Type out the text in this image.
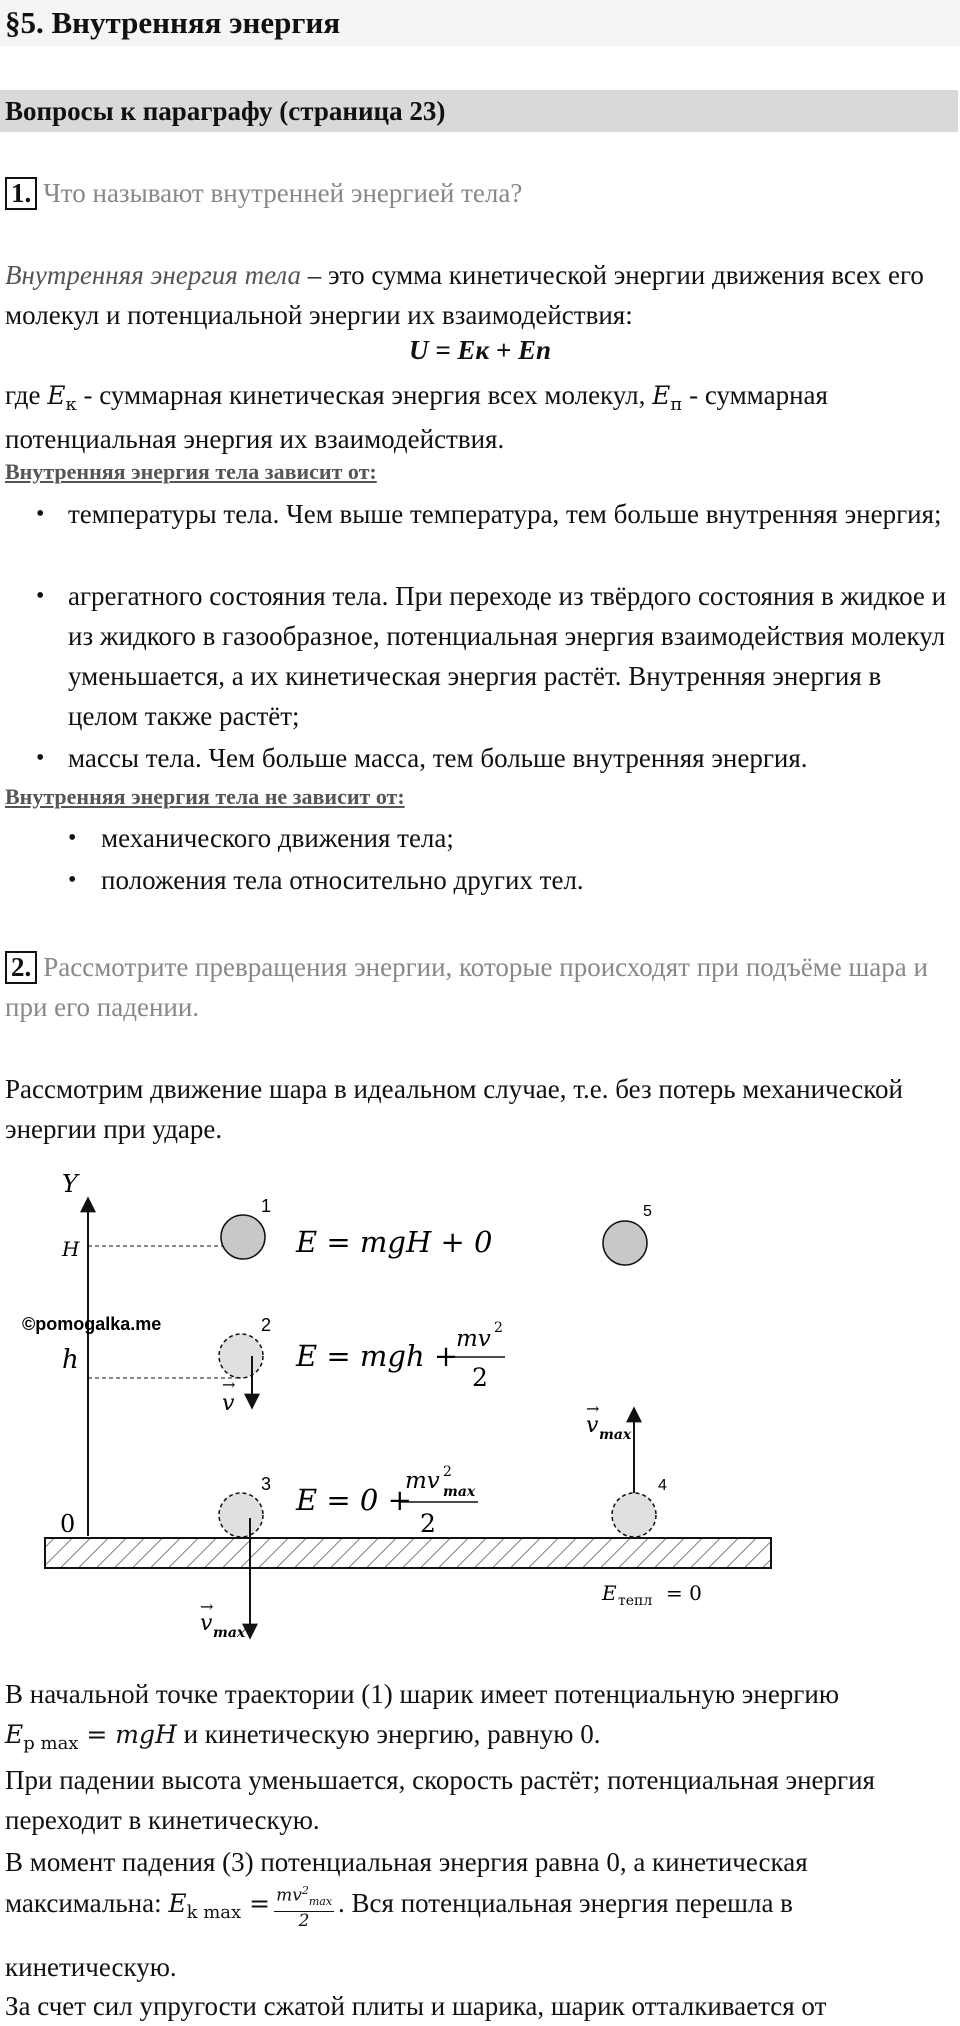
§5. Внутренняя энергия
Вопросы к параграфу (страница 23)
1. Что называют внутренней энергией тела?
Внутренняя энергия тела – это сумма кинетической энергии движения всех его молекул и потенциальной энергии их взаимодействия:
U = Eк + Eп
где $E_к$ - суммарная кинетическая энергия всех молекул, $E_п$ - суммарная потенциальная энергия их взаимодействия.
Внутренняя энергия тела зависит от:
• температуры тела. Чем выше температура, тем больше внутренняя энергия;
• агрегатного состояния тела. При переходе из твёрдого состояния в жидкое и из жидкого в газообразное, потенциальная энергия взаимодействия молекул уменьшается, а их кинетическая энергия растёт. Внутренняя энергия в целом также растёт;
• массы тела. Чем больше масса, тем больше внутренняя энергия.
Внутренняя энергия тела не зависит от:
• механического движения тела;
• положения тела относительно других тел.
2. Рассмотрите превращения энергии, которые происходят при подъёме шара и при его падении.
Рассмотрим движение шара в идеальном случае, т.е. без потерь механической энергии при ударе.
Y
H
h
0
©pomogalka.me
1
E = mgH + 0
5
2
v
→
E = mgh +
mv 2
2
3
v max
→
E = 0 +
mv 2
max
2
4
v max
→
E тепл = 0
В начальной точке траектории (1) шарик имеет потенциальную энергию
$E_{p max}$ = mgH и кинетическую энергию, равную 0.
При падении высота уменьшается, скорость растёт; потенциальная энергия переходит в кинетическую.
В момент падения (3) потенциальная энергия равна 0, а кинетическая максимальна: $E_{k max} = \frac{mv^2_{max}}{2}$ . Вся потенциальная энергия перешла в
кинетическую.
За счет сил упругости сжатой плиты и шарика, шарик отталкивается от
